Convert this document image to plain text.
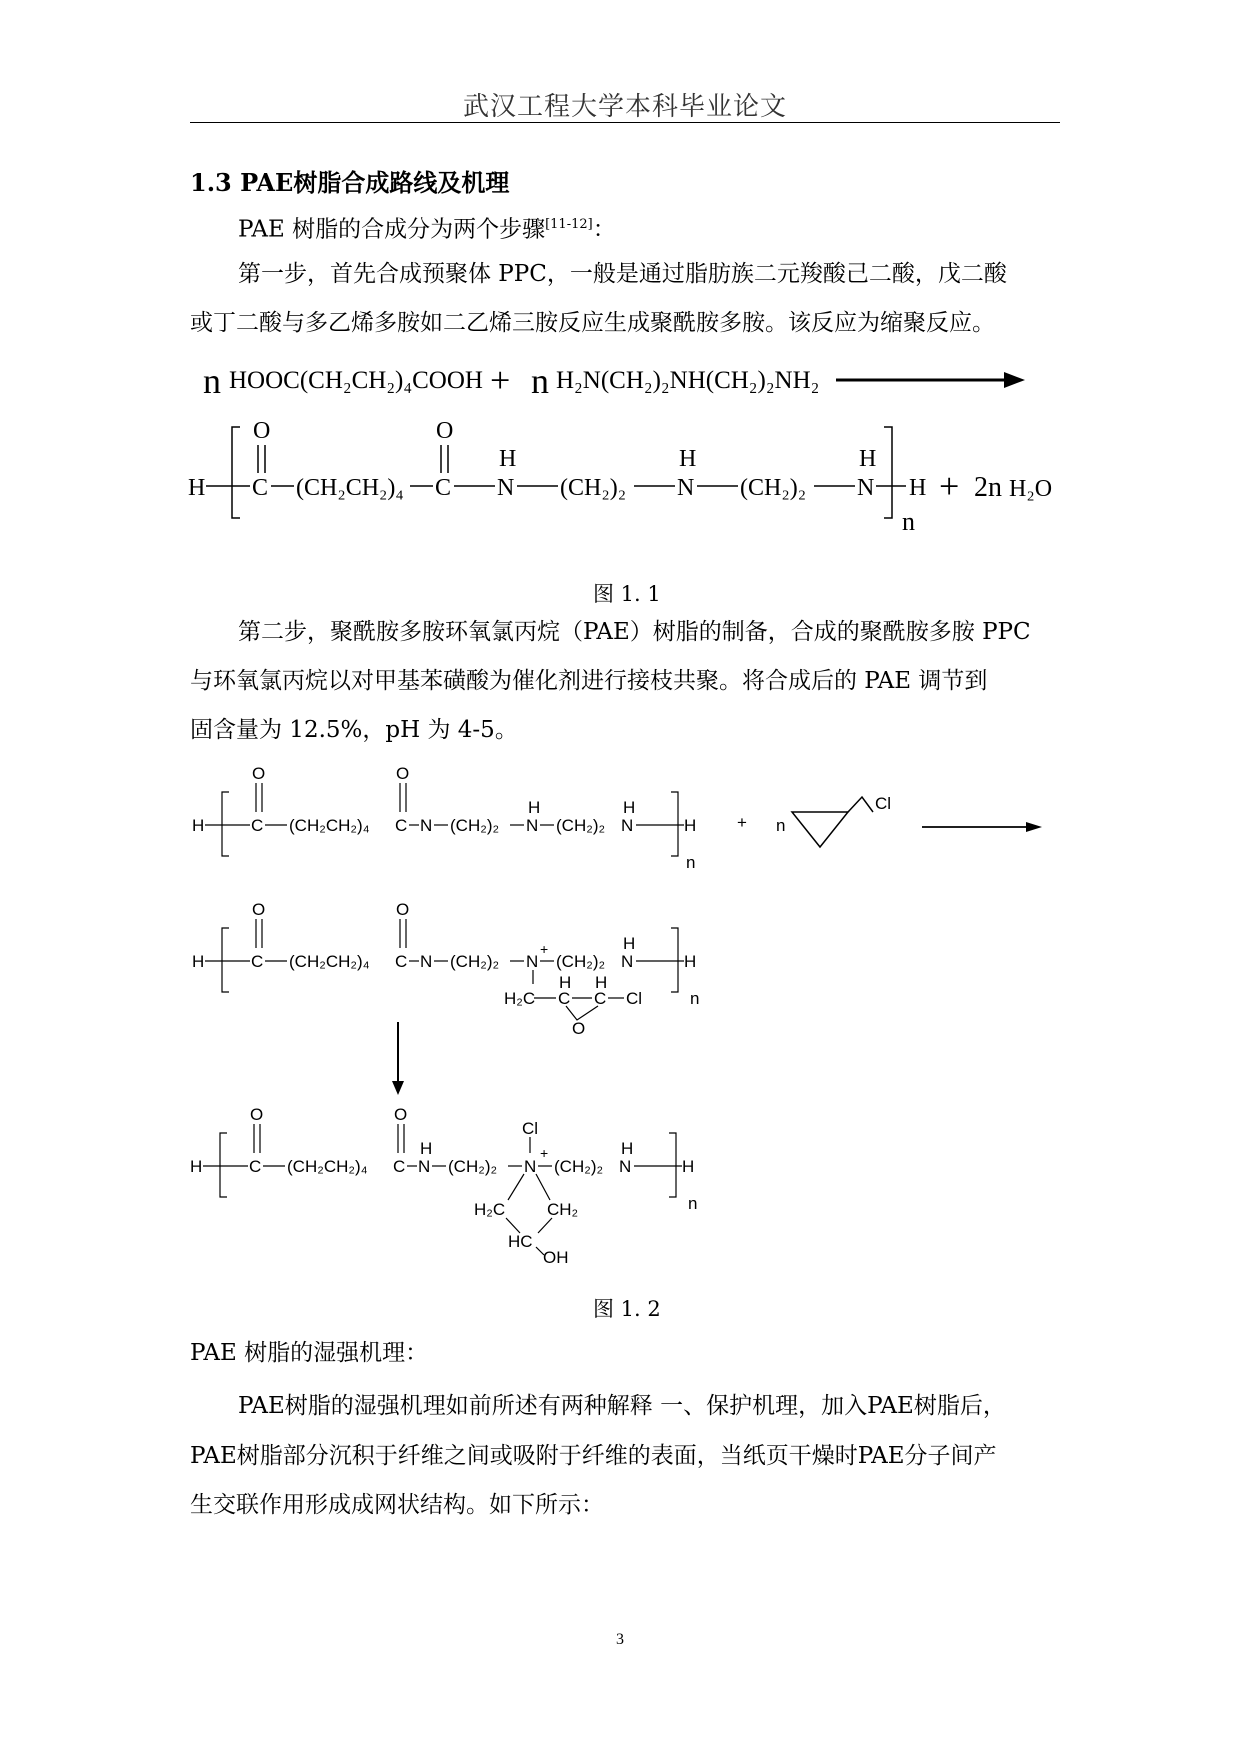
武汉工程大学本科毕业论文
1.3 PAE树脂合成路线及机理
PAE 树脂的合成分为两个步骤[11-12]：
第一步，首先合成预聚体 PPC，一般是通过脂肪族二元羧酸己二酸，戊二酸
或丁二酸与多乙烯多胺如二乙烯三胺反应生成聚酰胺多胺。该反应为缩聚反应。
n HOOC(CH₂CH₂)₄COOH + n H₂N(CH₂)₂NH(CH₂)₂NH₂
H C
O
(CH₂CH₂)₄ C
O
N
H
(CH₂)₂ N
H
(CH₂)₂ N
H
n
H + 2n H₂O
图 1. 1
第二步，聚酰胺多胺环氧氯丙烷（PAE）树脂的制备，合成的聚酰胺多胺 PPC
与环氧氯丙烷以对甲基苯磺酸为催化剂进行接枝共聚。将合成后的 PAE 调节到
固含量为 12.5%，pH 为 4-5。
H	C
O
(CH₂CH₂)₄ C
O
N (CH₂)₂ N
H
(CH₂)₂ N
H
n
H + n
Cl
H	C
O
(CH₂CH₂)₄ C
O
N (CH₂)₂ N
+
(CH₂)₂ N
H
n
H
H₂C C
H
C
H
O
Cl
H	C
O
(CH₂CH₂)₄ C
O
N
H
(CH₂)₂ N
+
Cl
(CH₂)₂ N
H
n
H
H₂C CH₂
HC
OH
图 1. 2
PAE 树脂的湿强机理：
PAE树脂的湿强机理如前所述有两种解释 一、保护机理，加入PAE树脂后，
PAE树脂部分沉积于纤维之间或吸附于纤维的表面，当纸页干燥时PAE分子间产
生交联作用形成成网状结构。如下所示：
3
